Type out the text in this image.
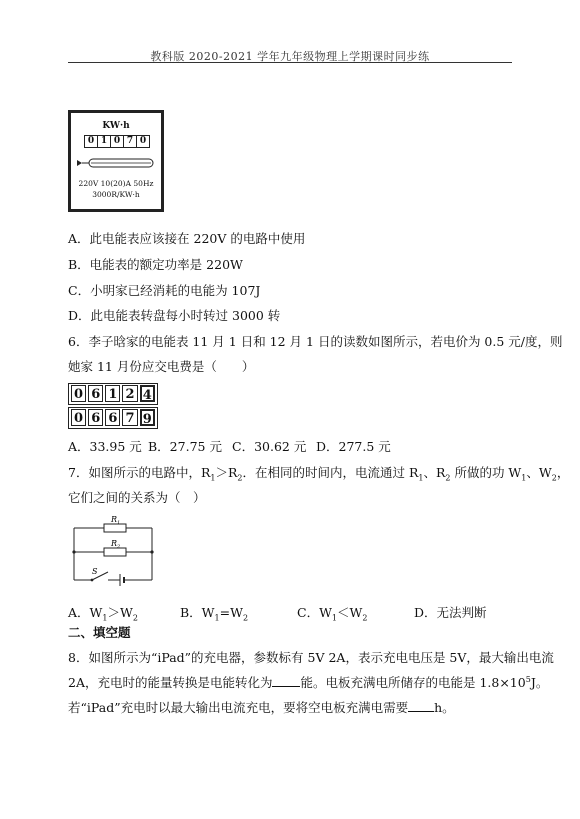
教科版 2020-2021 学年九年级物理上学期课时同步练
KW·h
0 1 0 7 0
220V 10(20)A 50Hz
3000R/KW·h
A．此电能表应该接在 220V 的电路中使用
B．电能表的额定功率是 220W
C．小明家已经消耗的电能为 107J
D．此电能表转盘每小时转过 3000 转
6．李子晗家的电能表 11 月 1 日和 12 月 1 日的读数如图所示，若电价为 0.5 元/度，则
她家 11 月份应交电费是（　　）
0 6 1 2 4
0 6 6 7 9
A．33.95 元 B．27.75 元 C．30.62 元 D．277.5 元
7．如图所示的电路中，$R_1>R_2$．在相同的时间内，电流通过 $R_1$、$R_2$ 所做的功 $W_1$、$W_2$，
它们之间的关系为（　）
$R_1$
$R_2$
S
A．$W_1>W_2$	B．$W_1=W_2$	C．$W_1<W_2$	D．无法判断
二、填空题
8．如图所示为“iPad”的充电器，参数标有 5V 2A，表示充电电压是 5V，最大输出电流
2A，充电时的能量转换是电能转化为 能。电板充满电所储存的电能是 $1.8\times 10^5J$。
若“iPad”充电时以最大输出电流充电，要将空电板充满电需要 h。
